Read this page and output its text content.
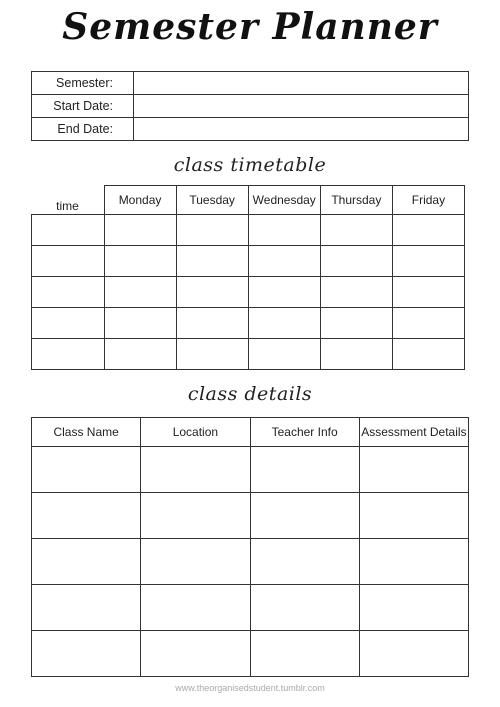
Semester Planner
Semester:	
Start Date:	
End Date:	
class timetable
time	Monday	Tuesday	Wednesday	Thursday	Friday

class details
Class Name	Location	Teacher Info	Assessment Details

www.theorganisedstudent.tumblr.com
